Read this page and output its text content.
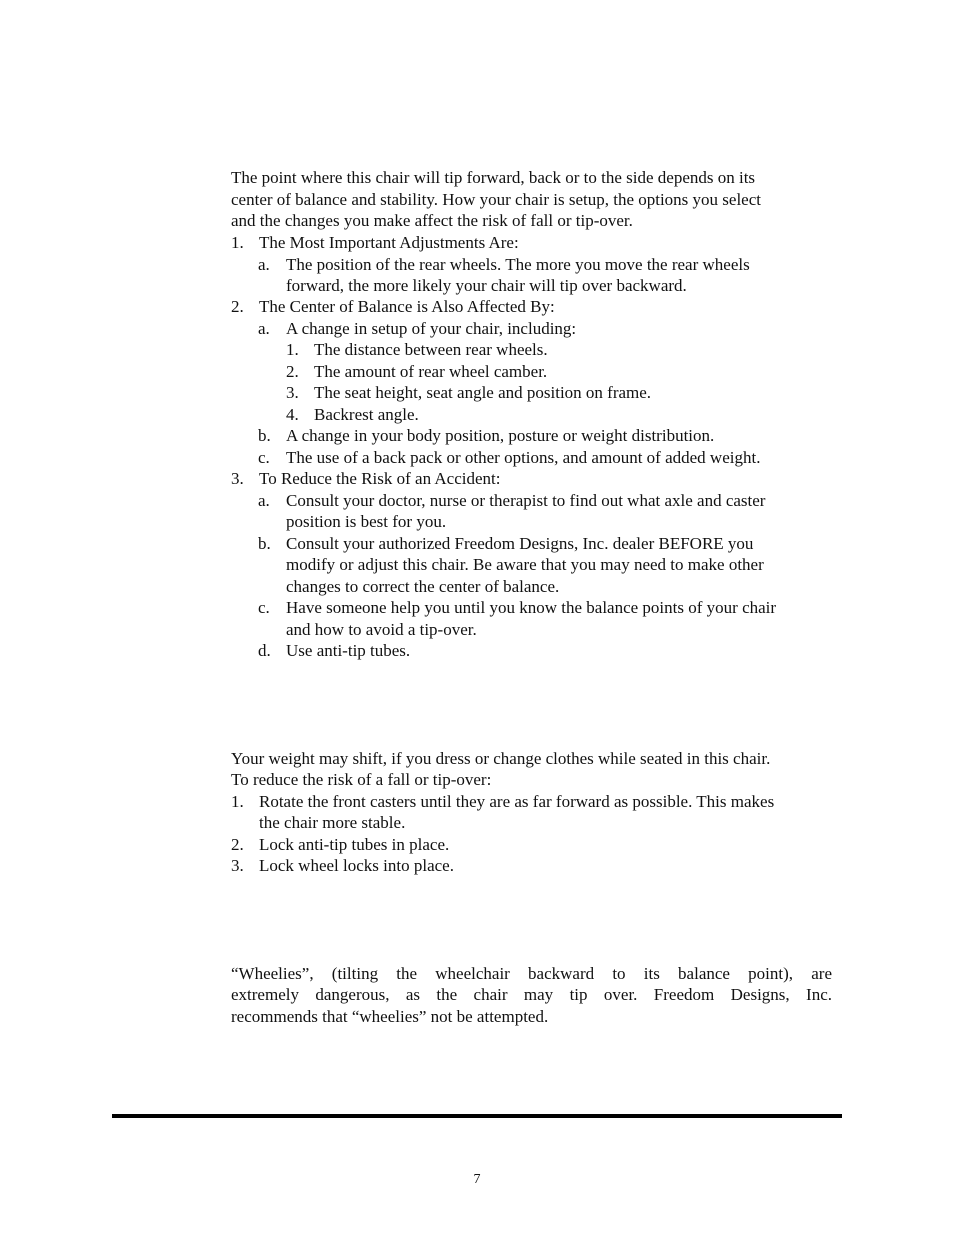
The point where this chair will tip forward, back or to the side depends on its
center of balance and stability. How your chair is setup, the options you select
and the changes you make affect the risk of fall or tip-over.
1. The Most Important Adjustments Are:
a. The position of the rear wheels. The more you move the rear wheels
forward, the more likely your chair will tip over backward.
2. The Center of Balance is Also Affected By:
a. A change in setup of your chair, including:
1. The distance between rear wheels.
2. The amount of rear wheel camber.
3. The seat height, seat angle and position on frame.
4. Backrest angle.
b. A change in your body position, posture or weight distribution.
c. The use of a back pack or other options, and amount of added weight.
3. To Reduce the Risk of an Accident:
a. Consult your doctor, nurse or therapist to find out what axle and caster
position is best for you.
b. Consult your authorized Freedom Designs, Inc. dealer BEFORE you
modify or adjust this chair. Be aware that you may need to make other
changes to correct the center of balance.
c. Have someone help you until you know the balance points of your chair
and how to avoid a tip-over.
d. Use anti-tip tubes.
Your weight may shift, if you dress or change clothes while seated in this chair.
To reduce the risk of a fall or tip-over:
1. Rotate the front casters until they are as far forward as possible. This makes
the chair more stable.
2. Lock anti-tip tubes in place.
3. Lock wheel locks into place.
“Wheelies”, (tilting the wheelchair backward to its balance point), are
extremely dangerous, as the chair may tip over. Freedom Designs, Inc.
recommends that “wheelies” not be attempted.
7
